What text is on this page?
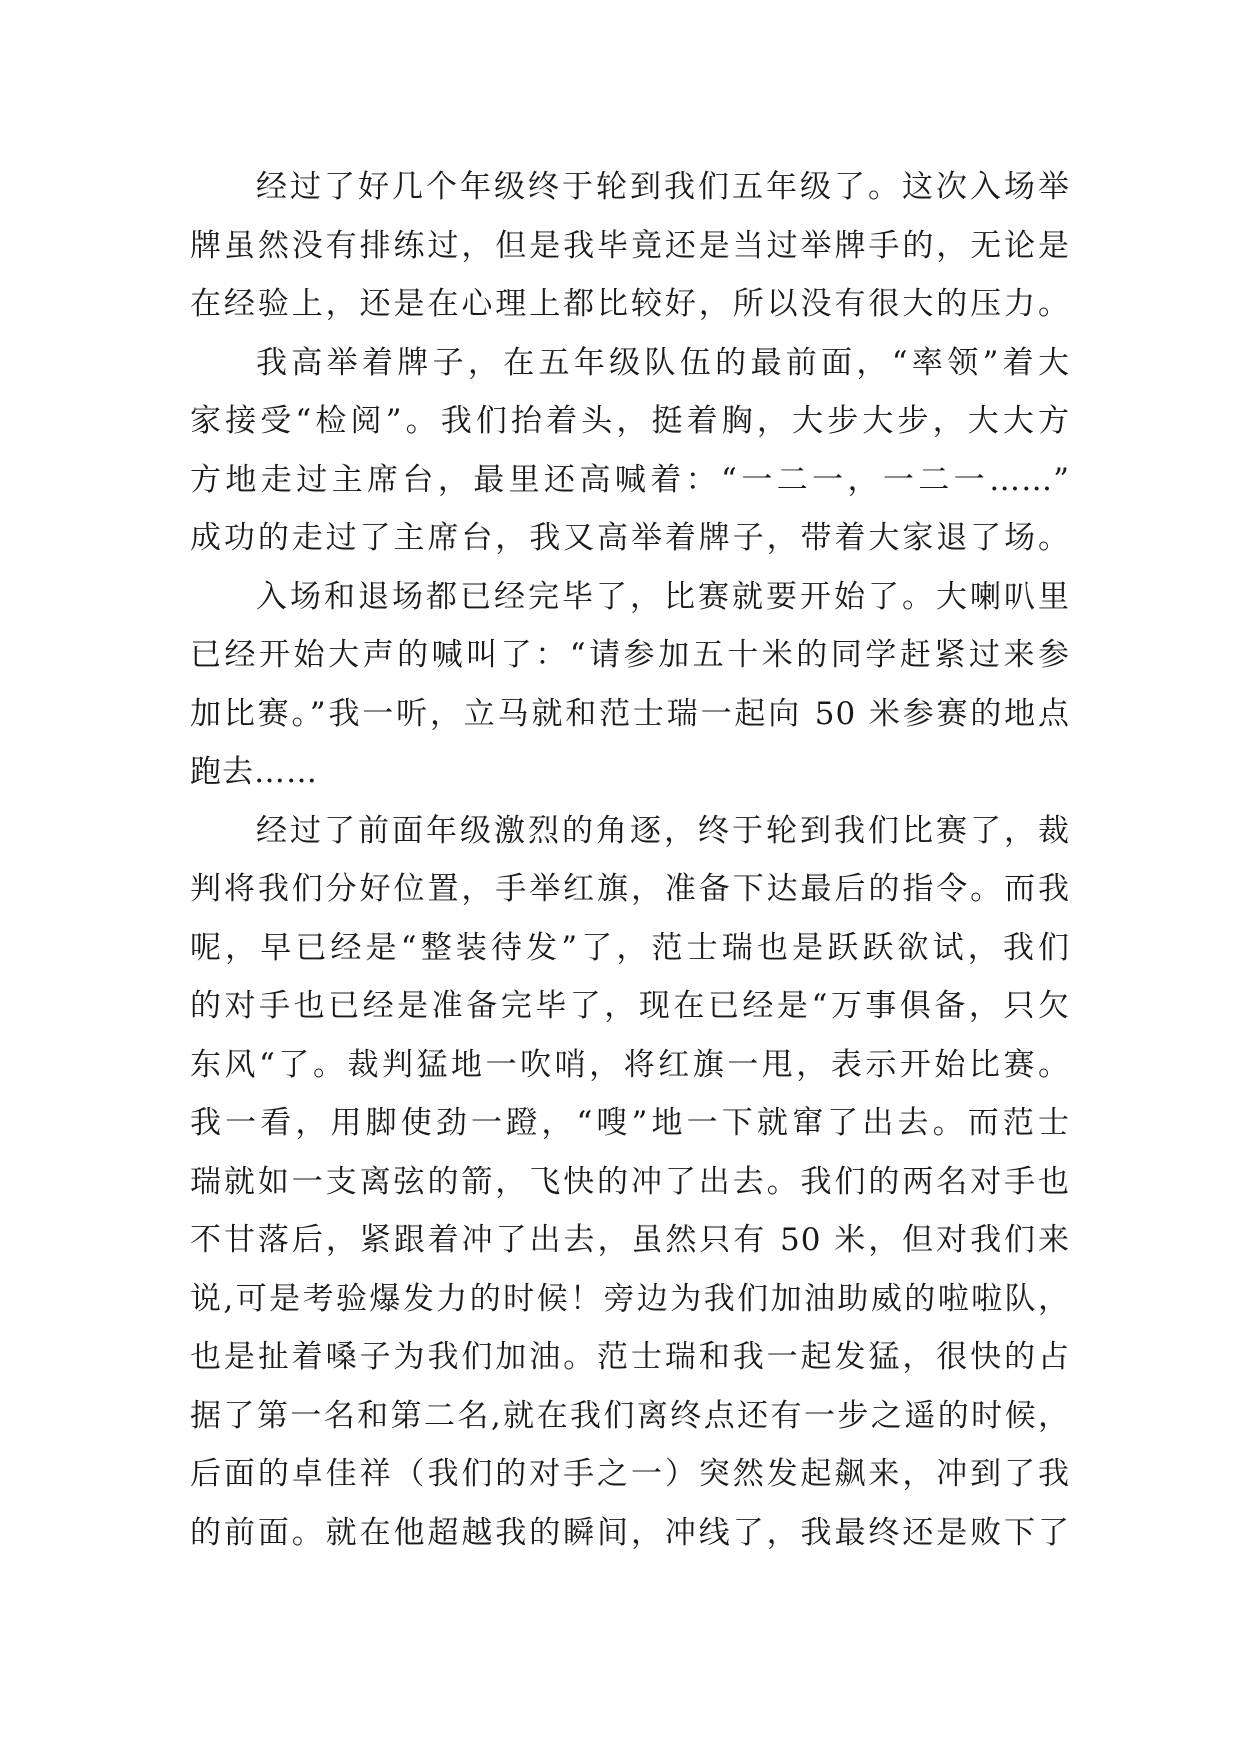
经过了好几个年级终于轮到我们五年级了。这次入场举
牌虽然没有排练过，但是我毕竟还是当过举牌手的，无论是
在经验上，还是在心理上都比较好，所以没有很大的压力。
我高举着牌子，在五年级队伍的最前面，“率领”着大
家接受“检阅”。我们抬着头，挺着胸，大步大步，大大方
方地走过主席台，最里还高喊着：“一二一，一二一……”
成功的走过了主席台，我又高举着牌子，带着大家退了场。
入场和退场都已经完毕了，比赛就要开始了。大喇叭里
已经开始大声的喊叫了：“请参加五十米的同学赶紧过来参
加比赛。”我一听，立马就和范士瑞一起向 50 米参赛的地点
跑去……
经过了前面年级激烈的角逐，终于轮到我们比赛了，裁
判将我们分好位置，手举红旗，准备下达最后的指令。而我
呢，早已经是“整装待发”了，范士瑞也是跃跃欲试，我们
的对手也已经是准备完毕了，现在已经是“万事俱备，只欠
东风“了。裁判猛地一吹哨，将红旗一甩，表示开始比赛。
我一看，用脚使劲一蹬，“嗖”地一下就窜了出去。而范士
瑞就如一支离弦的箭，飞快的冲了出去。我们的两名对手也
不甘落后，紧跟着冲了出去，虽然只有 50 米，但对我们来
说,可是考验爆发力的时候！旁边为我们加油助威的啦啦队，
也是扯着嗓子为我们加油。范士瑞和我一起发猛，很快的占
据了第一名和第二名,就在我们离终点还有一步之遥的时候，
后面的卓佳祥（我们的对手之一）突然发起飙来，冲到了我
的前面。就在他超越我的瞬间，冲线了，我最终还是败下了
